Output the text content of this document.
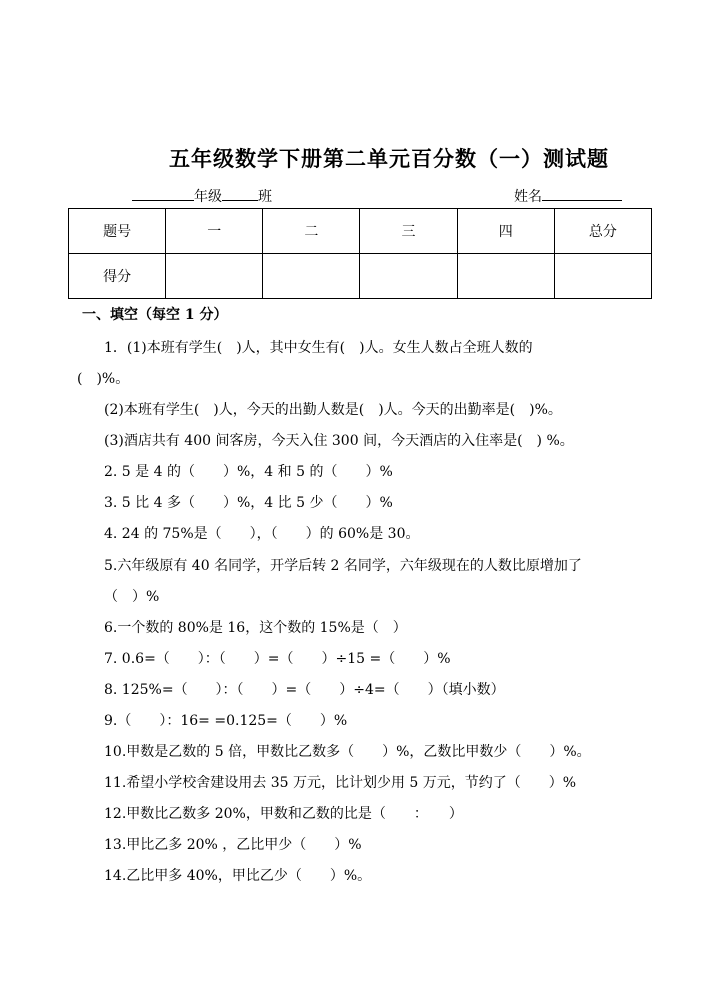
五年级数学下册第二单元百分数（一）测试题
年级	班	姓名
题号	一	二	三	四	总分
得分					
一、填空（每空 1 分）
1．(1)本班有学生(　)人，其中女生有(　)人。女生人数占全班人数的
(　)%。
(2)本班有学生(　)人，今天的出勤人数是(　)人。今天的出勤率是(　)%。
(3)酒店共有 400 间客房，今天入住 300 间，今天酒店的入住率是(　) %。
2. 5 是 4 的（　　）%，4 和 5 的（　　）%
3. 5 比 4 多（　　）%，4 比 5 少（　　）%
4. 24 的 75%是（　　），（　　）的 60%是 30。
5.六年级原有 40 名同学，开学后转 2 名同学，六年级现在的人数比原增加了
（　）%
6.一个数的 80%是 16，这个数的 15%是（　）
7. 0.6=（　　）：（　　）=（　　）÷15 =（　　）%
8. 125%=（　　）：（　　）=（　　）÷4=（　　）（填小数）
9.（　　）：16= =0.125=（　　）%
10.甲数是乙数的 5 倍，甲数比乙数多（　　）%，乙数比甲数少（　　）%。
11.希望小学校舍建设用去 35 万元，比计划少用 5 万元，节约了（　　）%
12.甲数比乙数多 20%，甲数和乙数的比是（　　：　　）
13.甲比乙多 20% ，乙比甲少（　　）%
14.乙比甲多 40%，甲比乙少（　　）%。
